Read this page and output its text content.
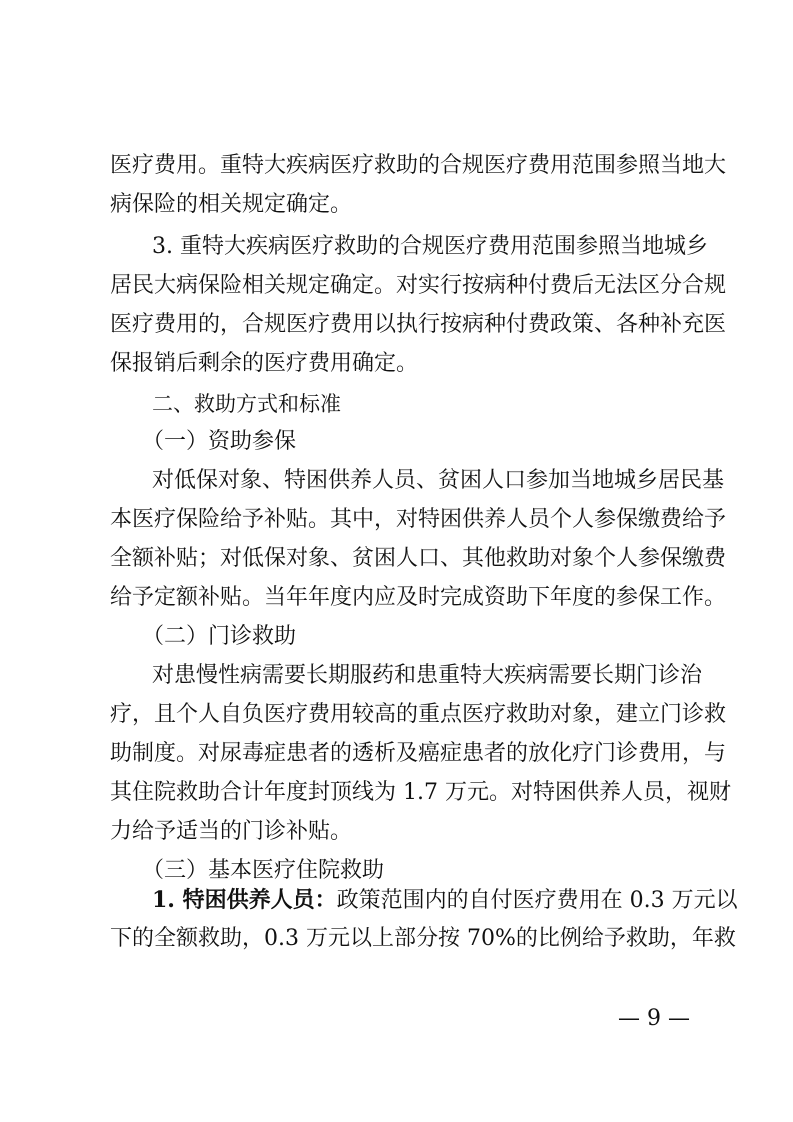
医疗费用。重特大疾病医疗救助的合规医疗费用范围参照当地大
病保险的相关规定确定。
3. 重特大疾病医疗救助的合规医疗费用范围参照当地城乡
居民大病保险相关规定确定。对实行按病种付费后无法区分合规
医疗费用的，合规医疗费用以执行按病种付费政策、各种补充医
保报销后剩余的医疗费用确定。
二、救助方式和标准
（一）资助参保
对低保对象、特困供养人员、贫困人口参加当地城乡居民基
本医疗保险给予补贴。其中，对特困供养人员个人参保缴费给予
全额补贴；对低保对象、贫困人口、其他救助对象个人参保缴费
给予定额补贴。当年年度内应及时完成资助下年度的参保工作。
（二）门诊救助
对患慢性病需要长期服药和患重特大疾病需要长期门诊治
疗，且个人自负医疗费用较高的重点医疗救助对象，建立门诊救
助制度。对尿毒症患者的透析及癌症患者的放化疗门诊费用，与
其住院救助合计年度封顶线为 1.7 万元。对特困供养人员，视财
力给予适当的门诊补贴。
（三）基本医疗住院救助
1. 特困供养人员：政策范围内的自付医疗费用在 0.3 万元以
下的全额救助，0.3 万元以上部分按 70%的比例给予救助，年救
— 9 —
